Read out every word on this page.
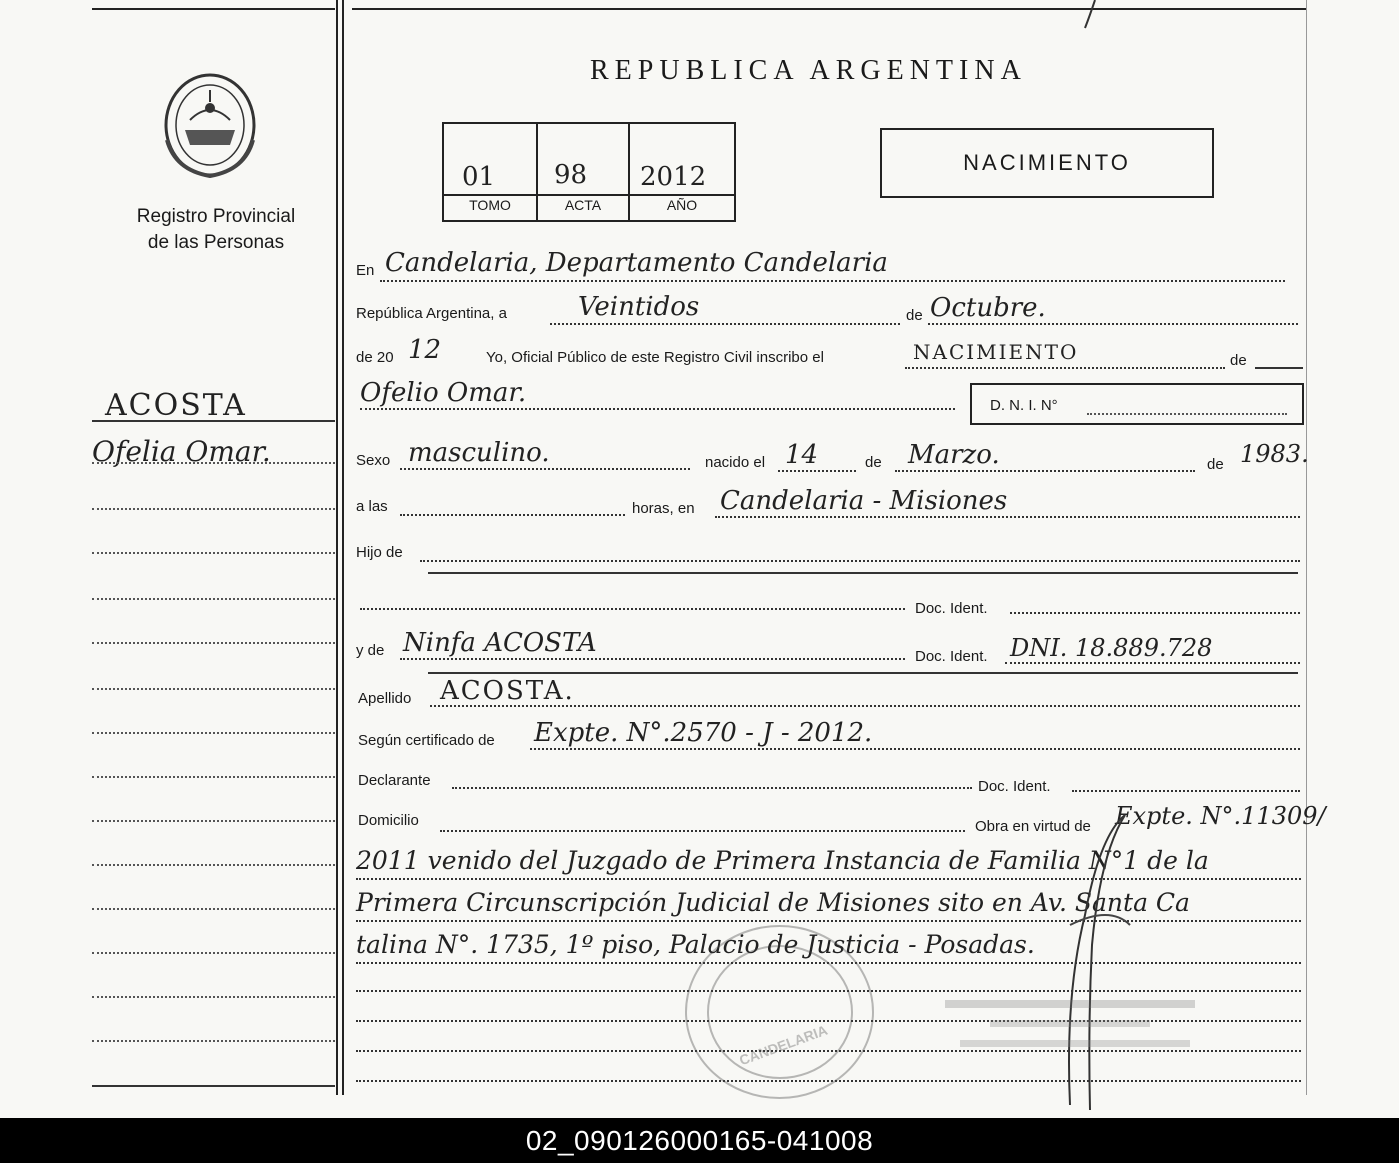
Registro Provincial
de las Personas
ACOSTA
Ofelia Omar.
REPUBLICA ARGENTINA
01 98 2012
TOMO	ACTA	AÑO
NACIMIENTO
En Candelaria, Departamento Candelaria
República Argentina, a	Veintidos	de Octubre.
de 20 12	Yo, Oficial Público de este Registro Civil inscribo el	NACIMIENTO	de
Ofelio Omar.	D. N. I. N°
Sexo masculino.	nacido el 14	de Marzo.	de 1983.
a las	horas, en Candelaria - Misiones
Hijo de
Doc. Ident.
y de Ninfa ACOSTA	Doc. Ident. DNI. 18.889.728
Apellido ACOSTA.
Según certificado de Expte. N°.2570 - J - 2012.
Declarante	Doc. Ident.
Domicilio	Obra en virtud de Expte. N°.11309/
2011 venido del Juzgado de Primera Instancia de Familia N°1 de la
Primera Circunscripción Judicial de Misiones sito en Av. Santa Ca
talina N°. 1735, 1º piso, Palacio de Justicia - Posadas.
CANDELARIA

02_090126000165-041008
